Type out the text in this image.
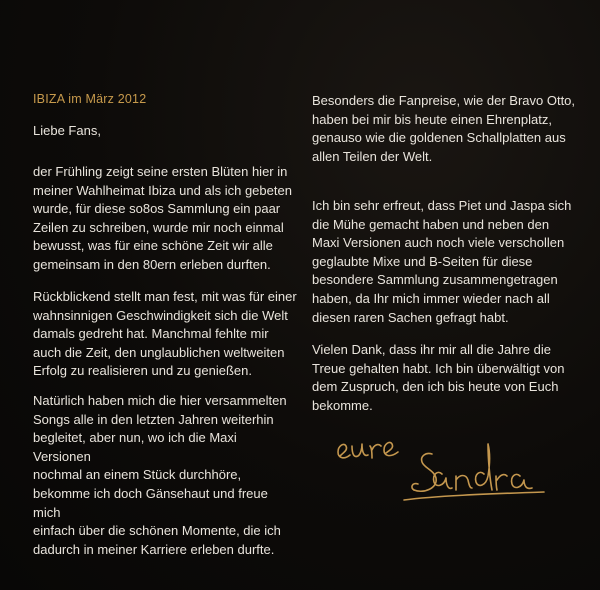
IBIZA im März 2012

Liebe Fans,

der Frühling zeigt seine ersten Blüten hier in
meiner Wahlheimat Ibiza und als ich gebeten
wurde, für diese so8os Sammlung ein paar
Zeilen zu schreiben, wurde mir noch einmal
bewusst, was für eine schöne Zeit wir alle
gemeinsam in den 80ern erleben durften.

Rückblickend stellt man fest, mit was für einer
wahnsinnigen Geschwindigkeit sich die Welt
damals gedreht hat. Manchmal fehlte mir
auch die Zeit, den unglaublichen weltweiten
Erfolg zu realisieren und zu genießen.

Natürlich haben mich die hier versammelten
Songs alle in den letzten Jahren weiterhin
begleitet, aber nun, wo ich die Maxi Versionen
nochmal an einem Stück durchhöre,
bekomme ich doch Gänsehaut und freue mich
einfach über die schönen Momente, die ich
dadurch in meiner Karriere erleben durfte.

Besonders die Fanpreise, wie der Bravo Otto,
haben bei mir bis heute einen Ehrenplatz,
genauso wie die goldenen Schallplatten aus
allen Teilen der Welt.

Ich bin sehr erfreut, dass Piet und Jaspa sich
die Mühe gemacht haben und neben den
Maxi Versionen auch noch viele verschollen
geglaubte Mixe und B-Seiten für diese
besondere Sammlung zusammengetragen
haben, da Ihr mich immer wieder nach all
diesen raren Sachen gefragt habt.

Vielen Dank, dass ihr mir all die Jahre die
Treue gehalten habt. Ich bin überwältigt von
dem Zuspruch, den ich bis heute von Euch
bekomme.
